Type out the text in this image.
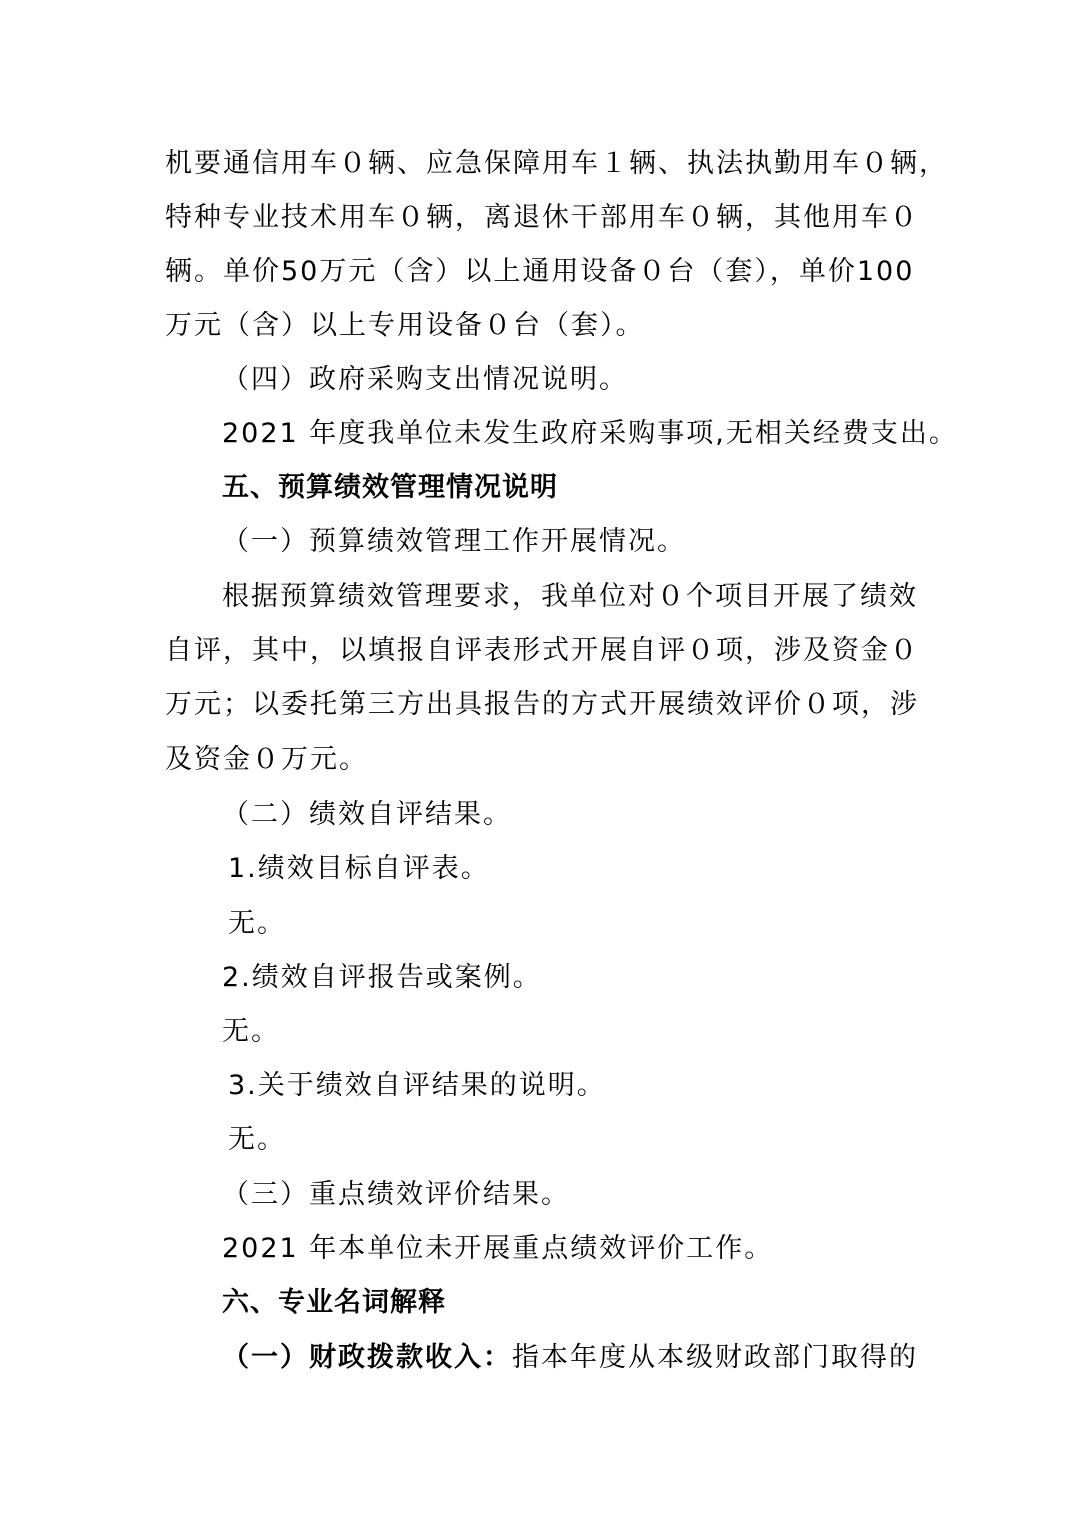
机要通信用车０辆、应急保障用车１辆、执法执勤用车０辆，
特种专业技术用车０辆，离退休干部用车０辆，其他用车０
辆。单价50万元（含）以上通用设备０台（套），单价100
万元（含）以上专用设备０台（套）。
（四）政府采购支出情况说明。
2021 年度我单位未发生政府采购事项,无相关经费支出。
五、预算绩效管理情况说明
（一）预算绩效管理工作开展情况。
根据预算绩效管理要求，我单位对０个项目开展了绩效
自评，其中，以填报自评表形式开展自评０项，涉及资金０
万元；以委托第三方出具报告的方式开展绩效评价０项，涉
及资金０万元。
（二）绩效自评结果。
1.绩效目标自评表。
无。
2.绩效自评报告或案例。
无。
3.关于绩效自评结果的说明。
无。
（三）重点绩效评价结果。
2021 年本单位未开展重点绩效评价工作。
六、专业名词解释
（一）财政拨款收入：指本年度从本级财政部门取得的
